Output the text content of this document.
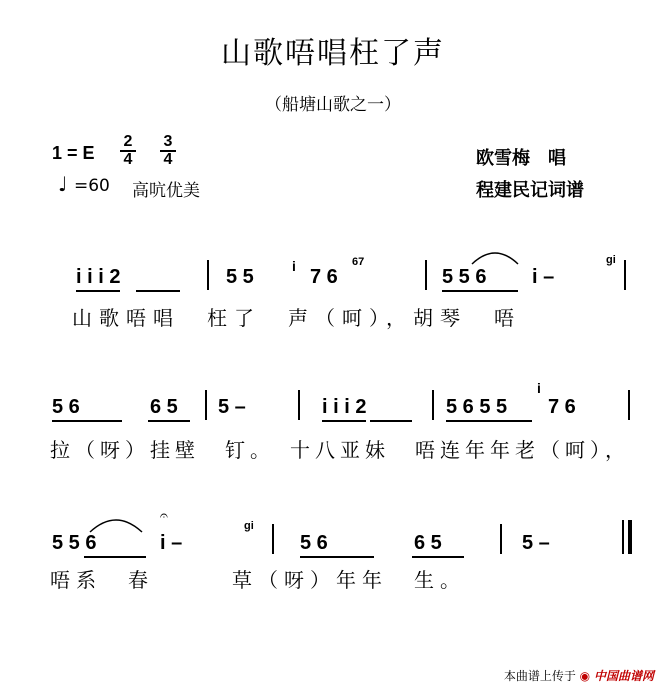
山歌唔唱枉了声
（船塘山歌之一）
1 = E $\frac{2}{4} \frac{3}{4}$
♩ =60 高吭优美
欧雪梅　唱
程建民记词谱
i i i 2	5 5	i	67
7 6	5 5 6 i –
gi
山歌唔唱　枉了　声（呵），胡琴　唔
5 6	6 5 5 –	i i i 2	5 6 5 5
i
7 6
拉（呀）挂壁　钉。　十八亚妹　唔连年年老（呵），
5 5 6	i –
𝄐
gi
5 6	6 5	5 –
唔系　春　　　草（呀）年年　生。
本曲谱上传于 ◉ 中国曲谱网
